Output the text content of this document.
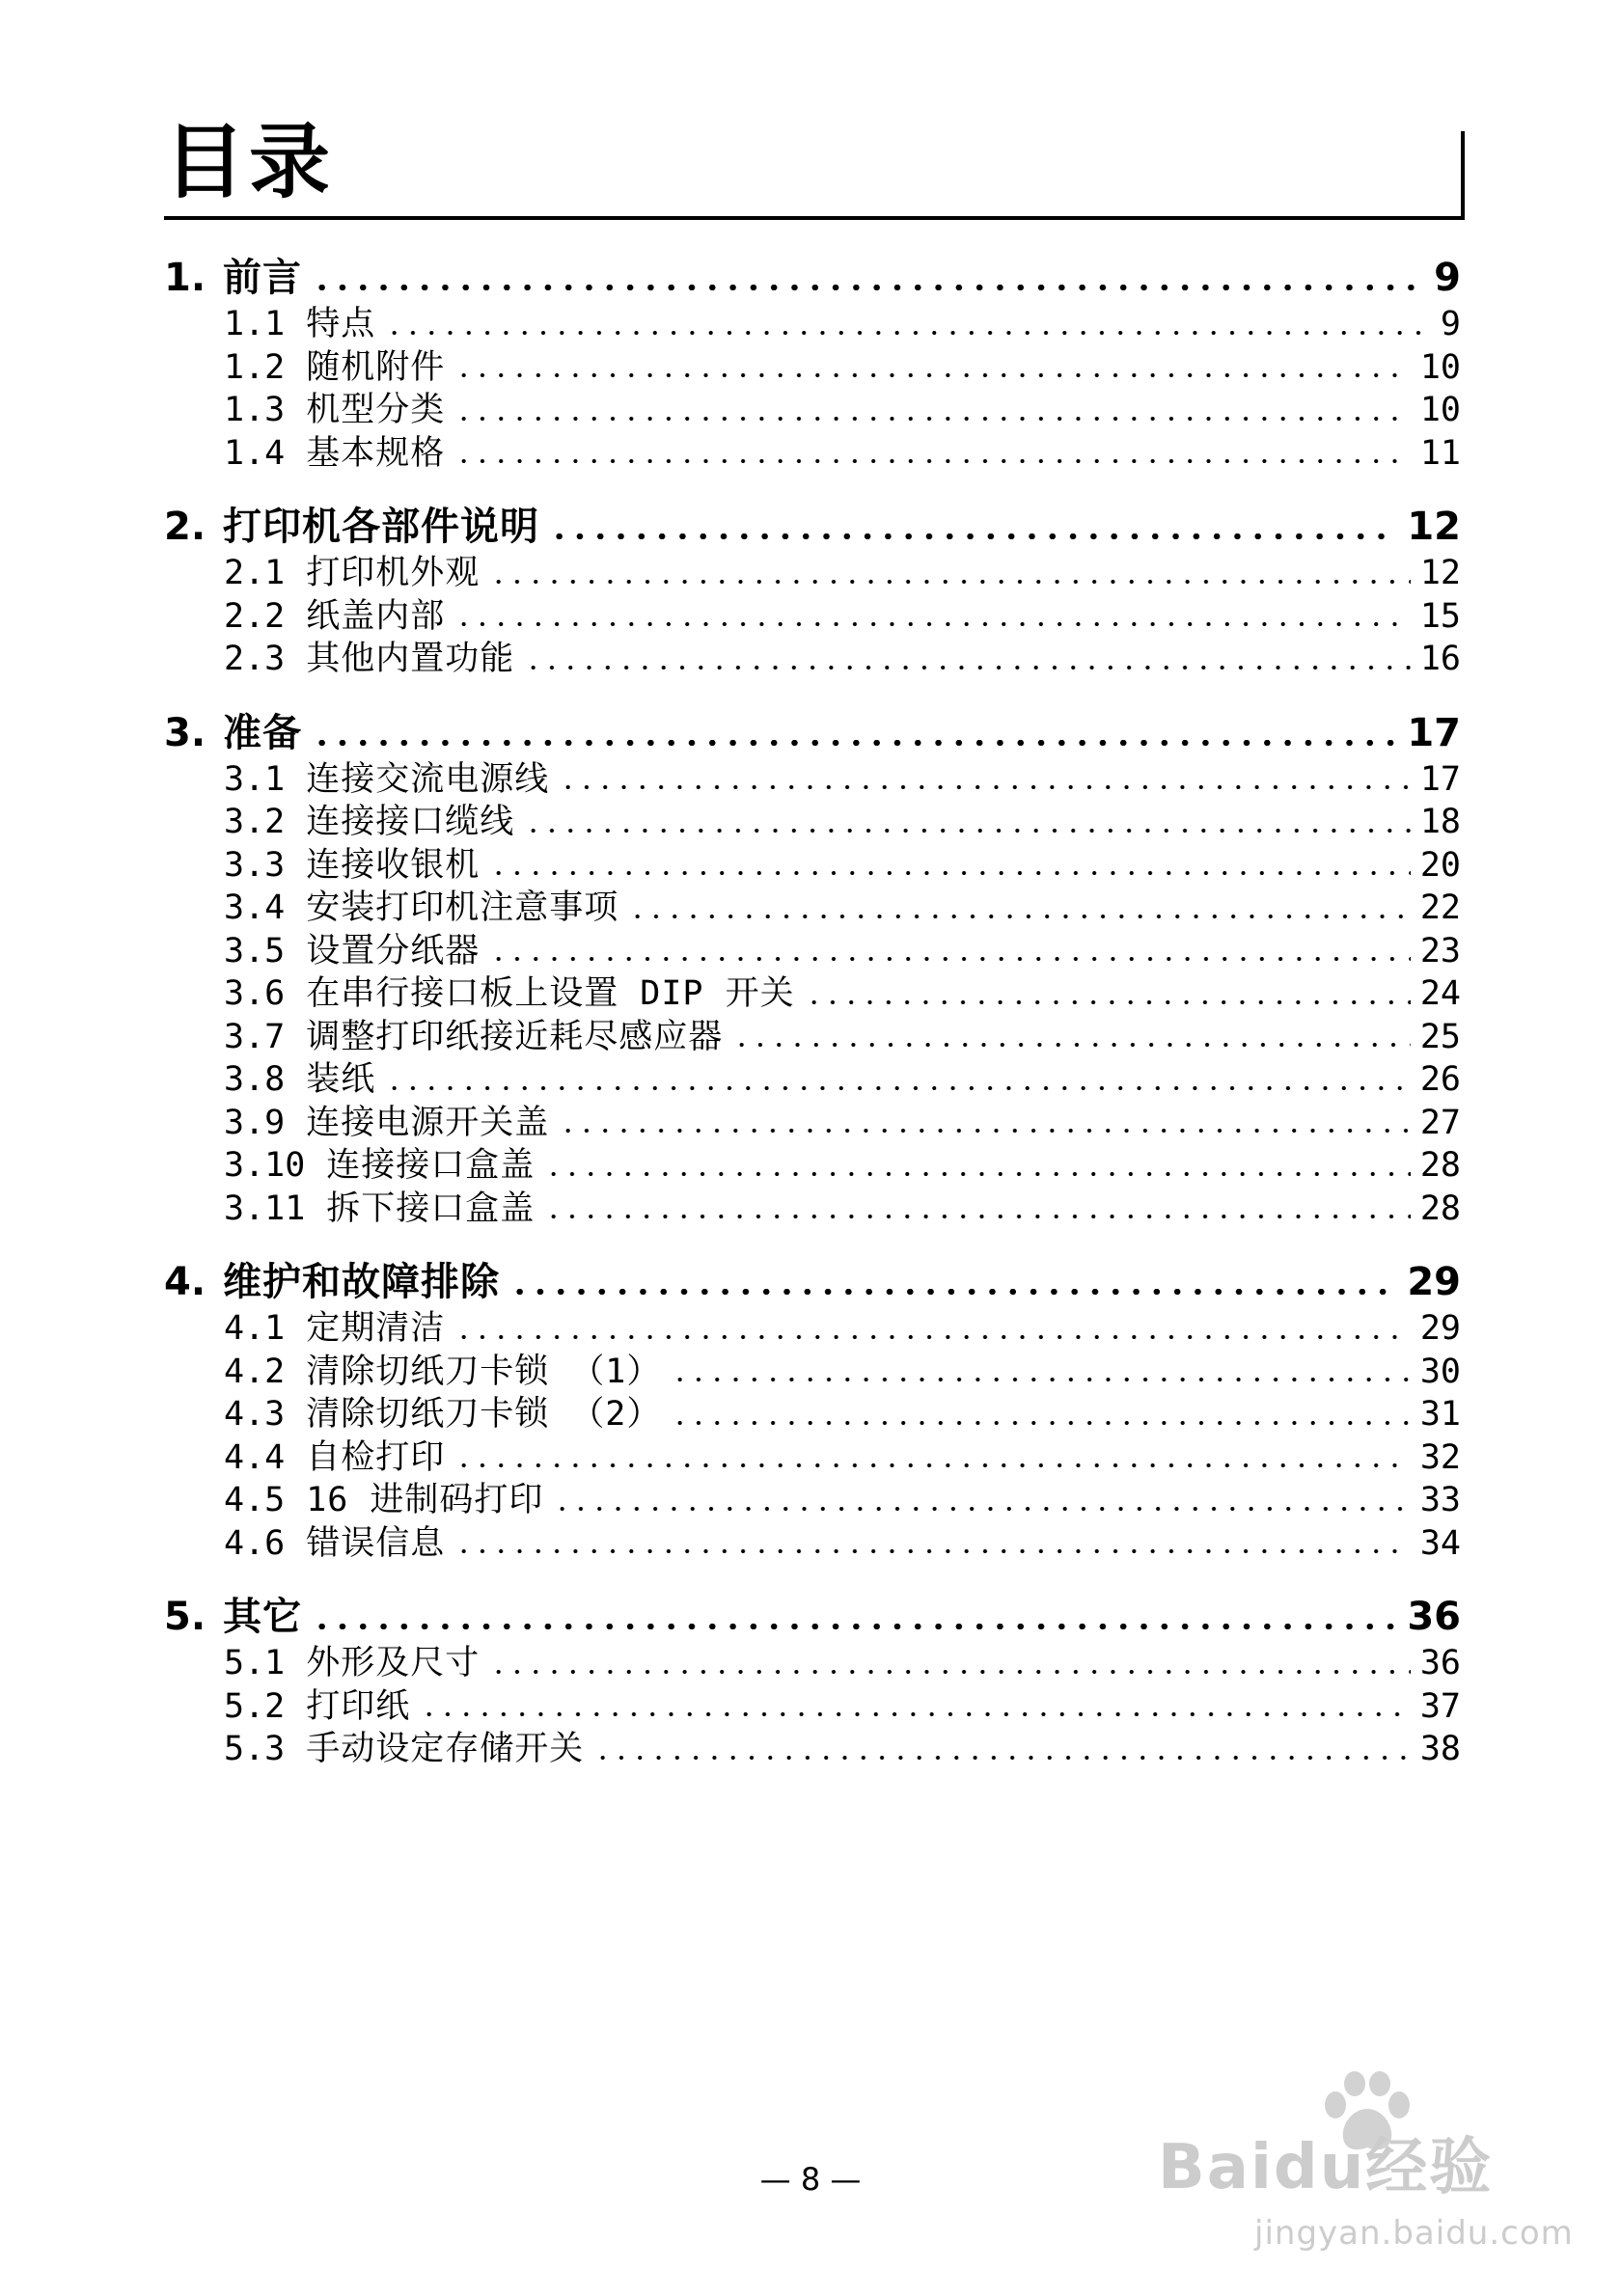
目录
1. 前言	9
1.1 特点	9
1.2 随机附件	10
1.3 机型分类	10
1.4 基本规格	11
2. 打印机各部件说明	12
2.1 打印机外观	12
2.2 纸盖内部	15
2.3 其他内置功能	16
3. 准备	17
3.1 连接交流电源线	17
3.2 连接接口缆线	18
3.3 连接收银机	20
3.4 安装打印机注意事项	22
3.5 设置分纸器	23
3.6 在串行接口板上设置 DIP 开关	24
3.7 调整打印纸接近耗尽感应器	25
3.8 装纸	26
3.9 连接电源开关盖	27
3.10 连接接口盒盖	28
3.11 拆下接口盒盖	28
4. 维护和故障排除	29
4.1 定期清洁	29
4.2 清除切纸刀卡锁 （1）	30
4.3 清除切纸刀卡锁 （2）	31
4.4 自检打印	32
4.5 16 进制码打印	33
4.6 错误信息	34
5. 其它	36
5.1 外形及尺寸	36
5.2 打印纸	37
5.3 手动设定存储开关	38
— 8 —	Baidu经验
jingyan.baidu.com
